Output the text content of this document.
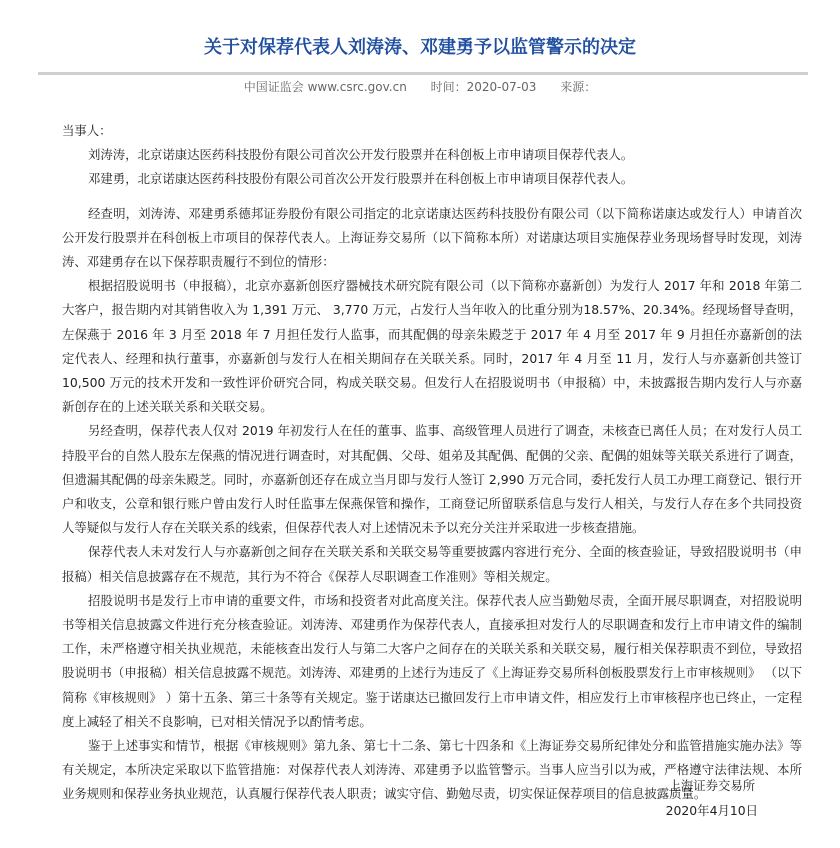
关于对保荐代表人刘涛涛、邓建勇予以监管警示的决定
中国证监会 www.csrc.gov.cn 时间：2020-07-03 来源：

当事人：

刘涛涛，北京诺康达医药科技股份有限公司首次公开发行股票并在科创板上市申请项目保荐代表人。

邓建勇，北京诺康达医药科技股份有限公司首次公开发行股票并在科创板上市申请项目保荐代表人。

经查明，刘涛涛、邓建勇系德邦证券股份有限公司指定的北京诺康达医药科技股份有限公司（以下简称诺康达或发行人）申请首次公开发行股票并在科创板上市项目的保荐代表人。上海证券交易所（以下简称本所）对诺康达项目实施保荐业务现场督导时发现，刘涛涛、邓建勇存在以下保荐职责履行不到位的情形：

根据招股说明书（申报稿），北京亦嘉新创医疗器械技术研究院有限公司（以下简称亦嘉新创）为发行人 2017 年和 2018 年第二大客户，报告期内对其销售收入为 1,391 万元、 3,770 万元，占发行人当年收入的比重分别为18.57%、20.34%。经现场督导查明，左保燕于 2016 年 3 月至 2018 年 7 月担任发行人监事，而其配偶的母亲朱殿芝于 2017 年 4 月至 2017 年 9 月担任亦嘉新创的法定代表人、经理和执行董事，亦嘉新创与发行人在相关期间存在关联关系。同时，2017 年 4 月至 11 月，发行人与亦嘉新创共签订 10,500 万元的技术开发和一致性评价研究合同，构成关联交易。但发行人在招股说明书（申报稿）中，未披露报告期内发行人与亦嘉新创存在的上述关联关系和关联交易。

另经查明，保荐代表人仅对 2019 年初发行人在任的董事、监事、高级管理人员进行了调查，未核查已离任人员；在对发行人员工持股平台的自然人股东左保燕的情况进行调查时，对其配偶、父母、姐弟及其配偶、配偶的父亲、配偶的姐妹等关联关系进行了调查，但遗漏其配偶的母亲朱殿芝。同时，亦嘉新创还存在成立当月即与发行人签订 2,990 万元合同，委托发行人员工办理工商登记、银行开户和收支，公章和银行账户曾由发行人时任监事左保燕保管和操作，工商登记所留联系信息与发行人相关，与发行人存在多个共同投资人等疑似与发行人存在关联关系的线索，但保荐代表人对上述情况未予以充分关注并采取进一步核查措施。

保荐代表人未对发行人与亦嘉新创之间存在关联关系和关联交易等重要披露内容进行充分、全面的核查验证，导致招股说明书（申报稿）相关信息披露存在不规范，其行为不符合《保荐人尽职调查工作准则》等相关规定。

招股说明书是发行上市申请的重要文件，市场和投资者对此高度关注。保荐代表人应当勤勉尽责，全面开展尽职调查，对招股说明书等相关信息披露文件进行充分核查验证。刘涛涛、邓建勇作为保荐代表人，直接承担对发行人的尽职调查和发行上市申请文件的编制工作，未严格遵守相关执业规范，未能核查出发行人与第二大客户之间存在的关联关系和关联交易，履行相关保荐职责不到位，导致招股说明书（申报稿）相关信息披露不规范。刘涛涛、邓建勇的上述行为违反了《上海证券交易所科创板股票发行上市审核规则》 （以下简称《审核规则》 ）第十五条、第三十条等有关规定。鉴于诺康达已撤回发行上市申请文件，相应发行上市审核程序也已终止，一定程度上减轻了相关不良影响，已对相关情况予以酌情考虑。

鉴于上述事实和情节，根据《审核规则》第九条、第七十二条、第七十四条和《上海证券交易所纪律处分和监管措施实施办法》等有关规定，本所决定采取以下监管措施：对保荐代表人刘涛涛、邓建勇予以监管警示。当事人应当引以为戒，严格遵守法律法规、本所业务规则和保荐业务执业规范，认真履行保荐代表人职责；诚实守信、勤勉尽责，切实保证保荐项目的信息披露质量。

上海证券交易所
2020年4月10日
